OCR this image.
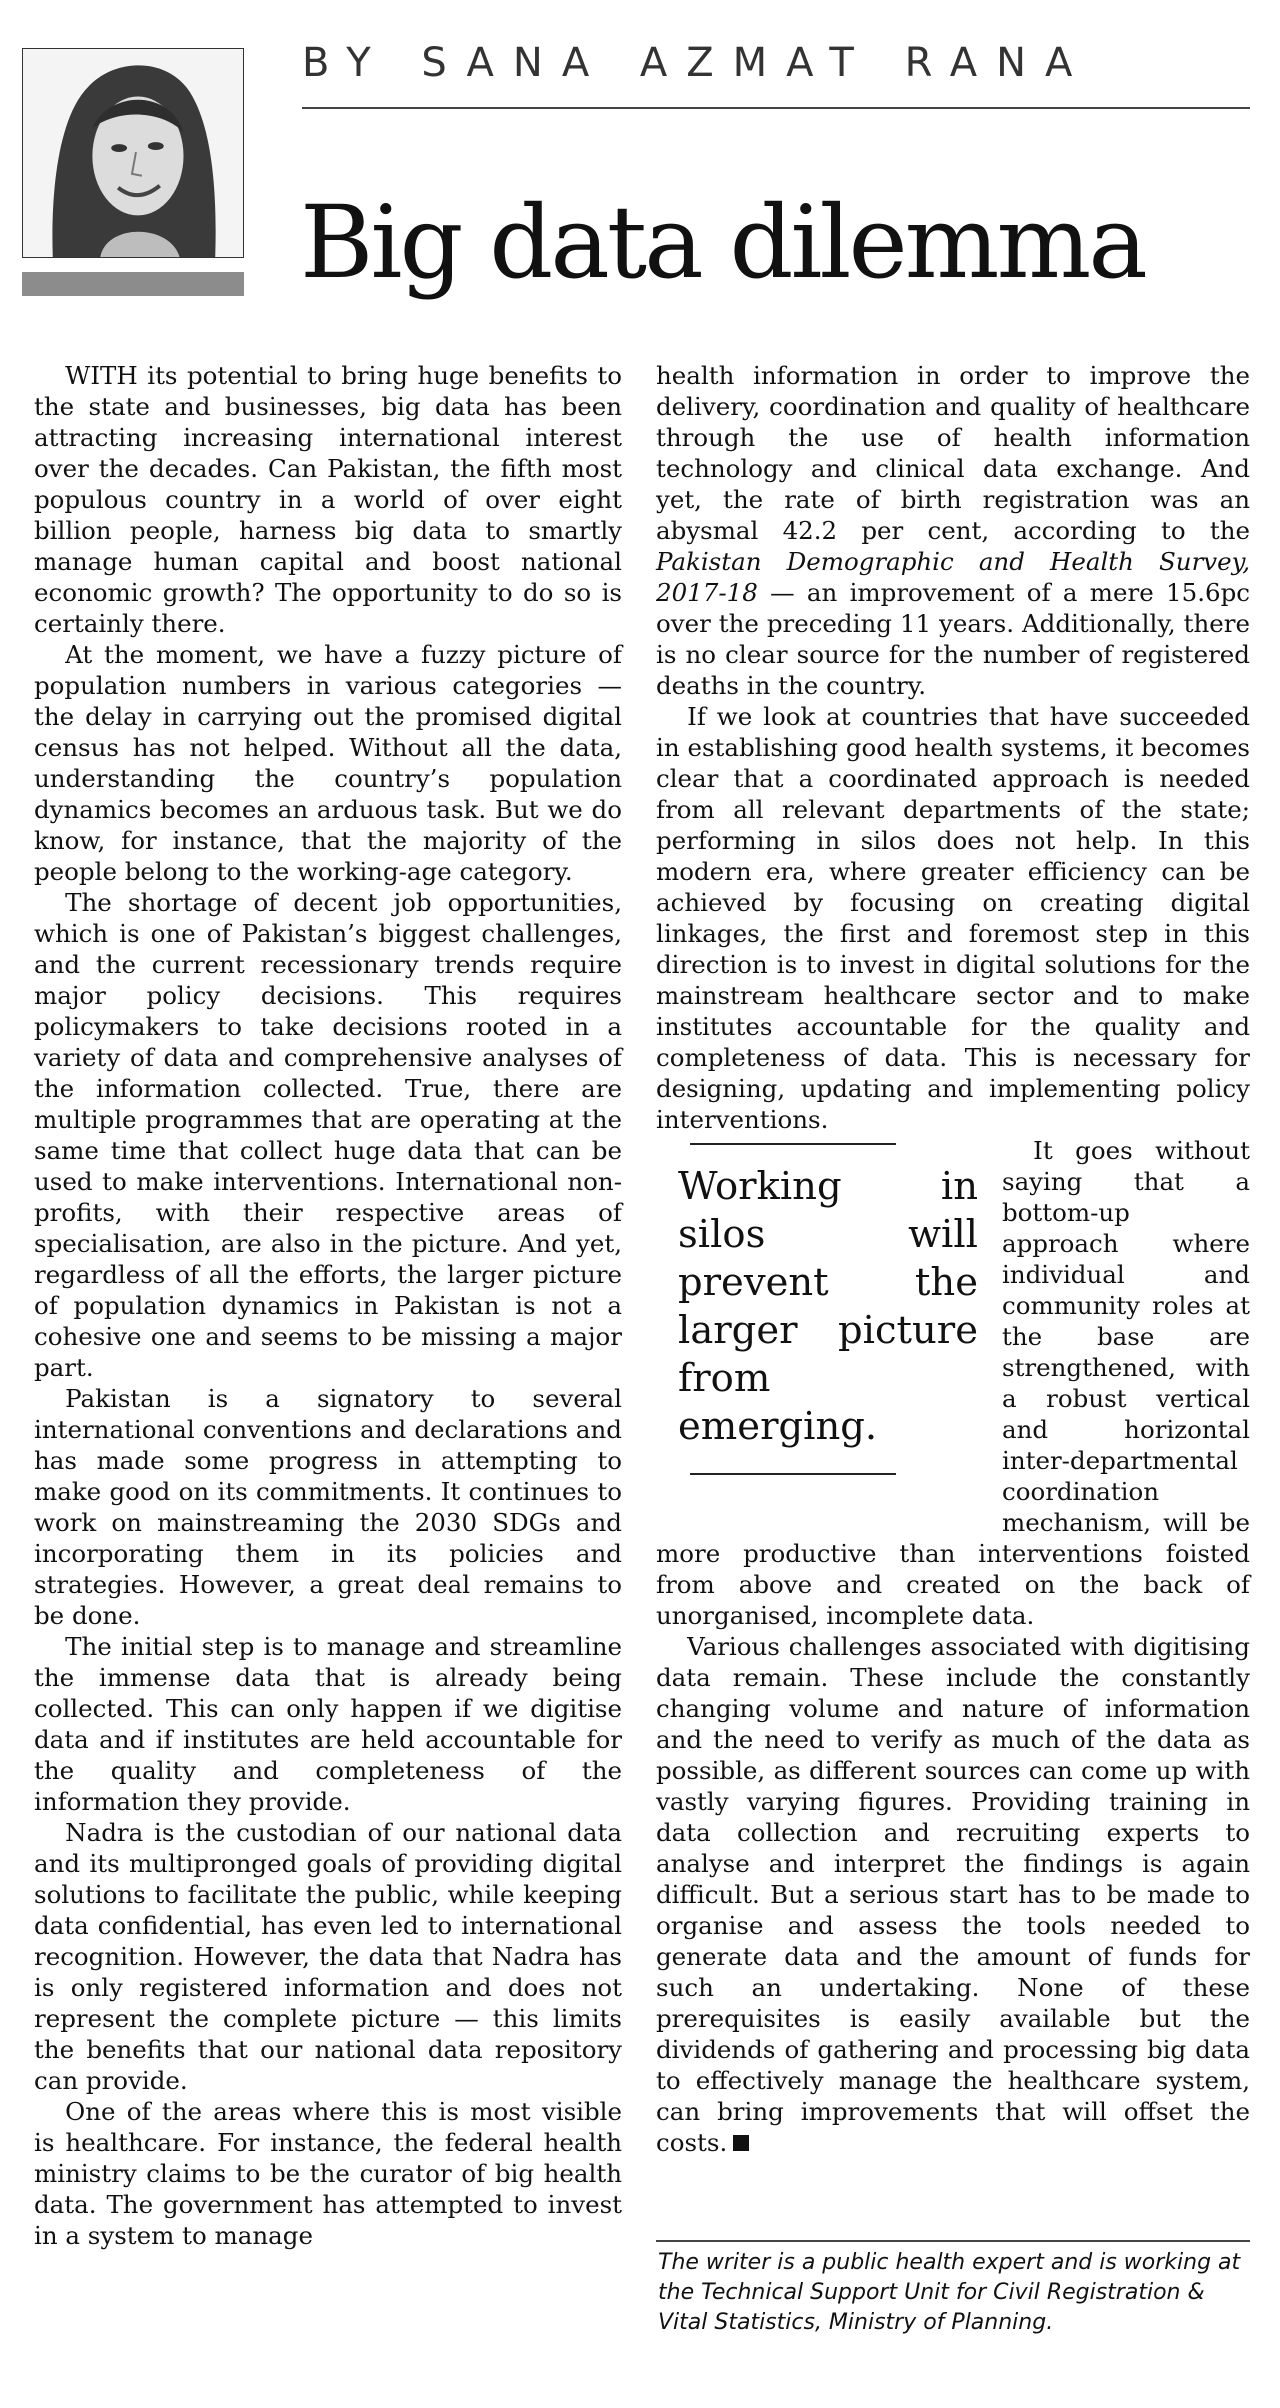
BY SANA AZMAT RANA
Big data dilemma

WITH its potential to bring huge benefits to the state and businesses, big data has been attracting increasing international interest over the decades. Can Pakistan, the fifth most populous country in a world of over eight billion people, harness big data to smartly manage human capital and boost national economic growth? The opportunity to do so is certainly there.

At the moment, we have a fuzzy picture of population numbers in various categories — the delay in carrying out the promised digital census has not helped. Without all the data, understanding the country’s population dynamics becomes an arduous task. But we do know, for instance, that the majority of the people belong to the working-age category.

The shortage of decent job opportunities, which is one of Pakistan’s biggest challenges, and the current recessionary trends require major policy decisions. This requires policymakers to take decisions rooted in a variety of data and comprehensive analyses of the information collected. True, there are multiple programmes that are operating at the same time that collect huge data that can be used to make interventions. International non-profits, with their respective areas of specialisation, are also in the picture. And yet, regardless of all the efforts, the larger picture of population dynamics in Pakistan is not a cohesive one and seems to be missing a major part.

Pakistan is a signatory to several international conventions and declarations and has made some progress in attempting to make good on its commitments. It continues to work on mainstreaming the 2030 SDGs and incorporating them in its policies and strategies. However, a great deal remains to be done.

The initial step is to manage and streamline the immense data that is already being collected. This can only happen if we digitise data and if institutes are held accountable for the quality and completeness of the information they provide.

Nadra is the custodian of our national data and its multipronged goals of providing digital solutions to facilitate the public, while keeping data confidential, has even led to international recognition. However, the data that Nadra has is only registered information and does not represent the complete picture — this limits the benefits that our national data repository can provide.

One of the areas where this is most visible is healthcare. For instance, the federal health ministry claims to be the curator of big health data. The government has attempted to invest in a system to manage

health information in order to improve the delivery, coordination and quality of healthcare through the use of health information technology and clinical data exchange. And yet, the rate of birth registration was an abysmal 42.2 per cent, according to the Pakistan Demographic and Health Survey, 2017-18 — an improvement of a mere 15.6pc over the preceding 11 years. Additionally, there is no clear source for the number of registered deaths in the country.

If we look at countries that have succeeded in establishing good health systems, it becomes clear that a coordinated approach is needed from all relevant departments of the state; performing in silos does not help. In this modern era, where greater efficiency can be achieved by focusing on creating digital linkages, the first and foremost step in this direction is to invest in digital solutions for the mainstream healthcare sector and to make institutes accountable for the quality and completeness of data. This is necessary for designing, updating and implementing policy interventions.

Working in silos will prevent the larger picture from emerging.

It goes without saying that a bottom-up approach where individual and community roles at the base are strengthened, with a robust vertical and horizontal inter-departmental coordination mechanism, will be more productive than interventions foisted from above and created on the back of unorganised, incomplete data.

Various challenges associated with digitising data remain. These include the constantly changing volume and nature of information and the need to verify as much of the data as possible, as different sources can come up with vastly varying figures. Providing training in data collection and recruiting experts to analyse and interpret the findings is again difficult. But a serious start has to be made to organise and assess the tools needed to generate data and the amount of funds for such an undertaking. None of these prerequisites is easily available but the dividends of gathering and processing big data to effectively manage the healthcare system, can bring improvements that will offset the costs.

The writer is a public health expert and is working at the Technical Support Unit for Civil Registration & Vital Statistics, Ministry of Planning.
